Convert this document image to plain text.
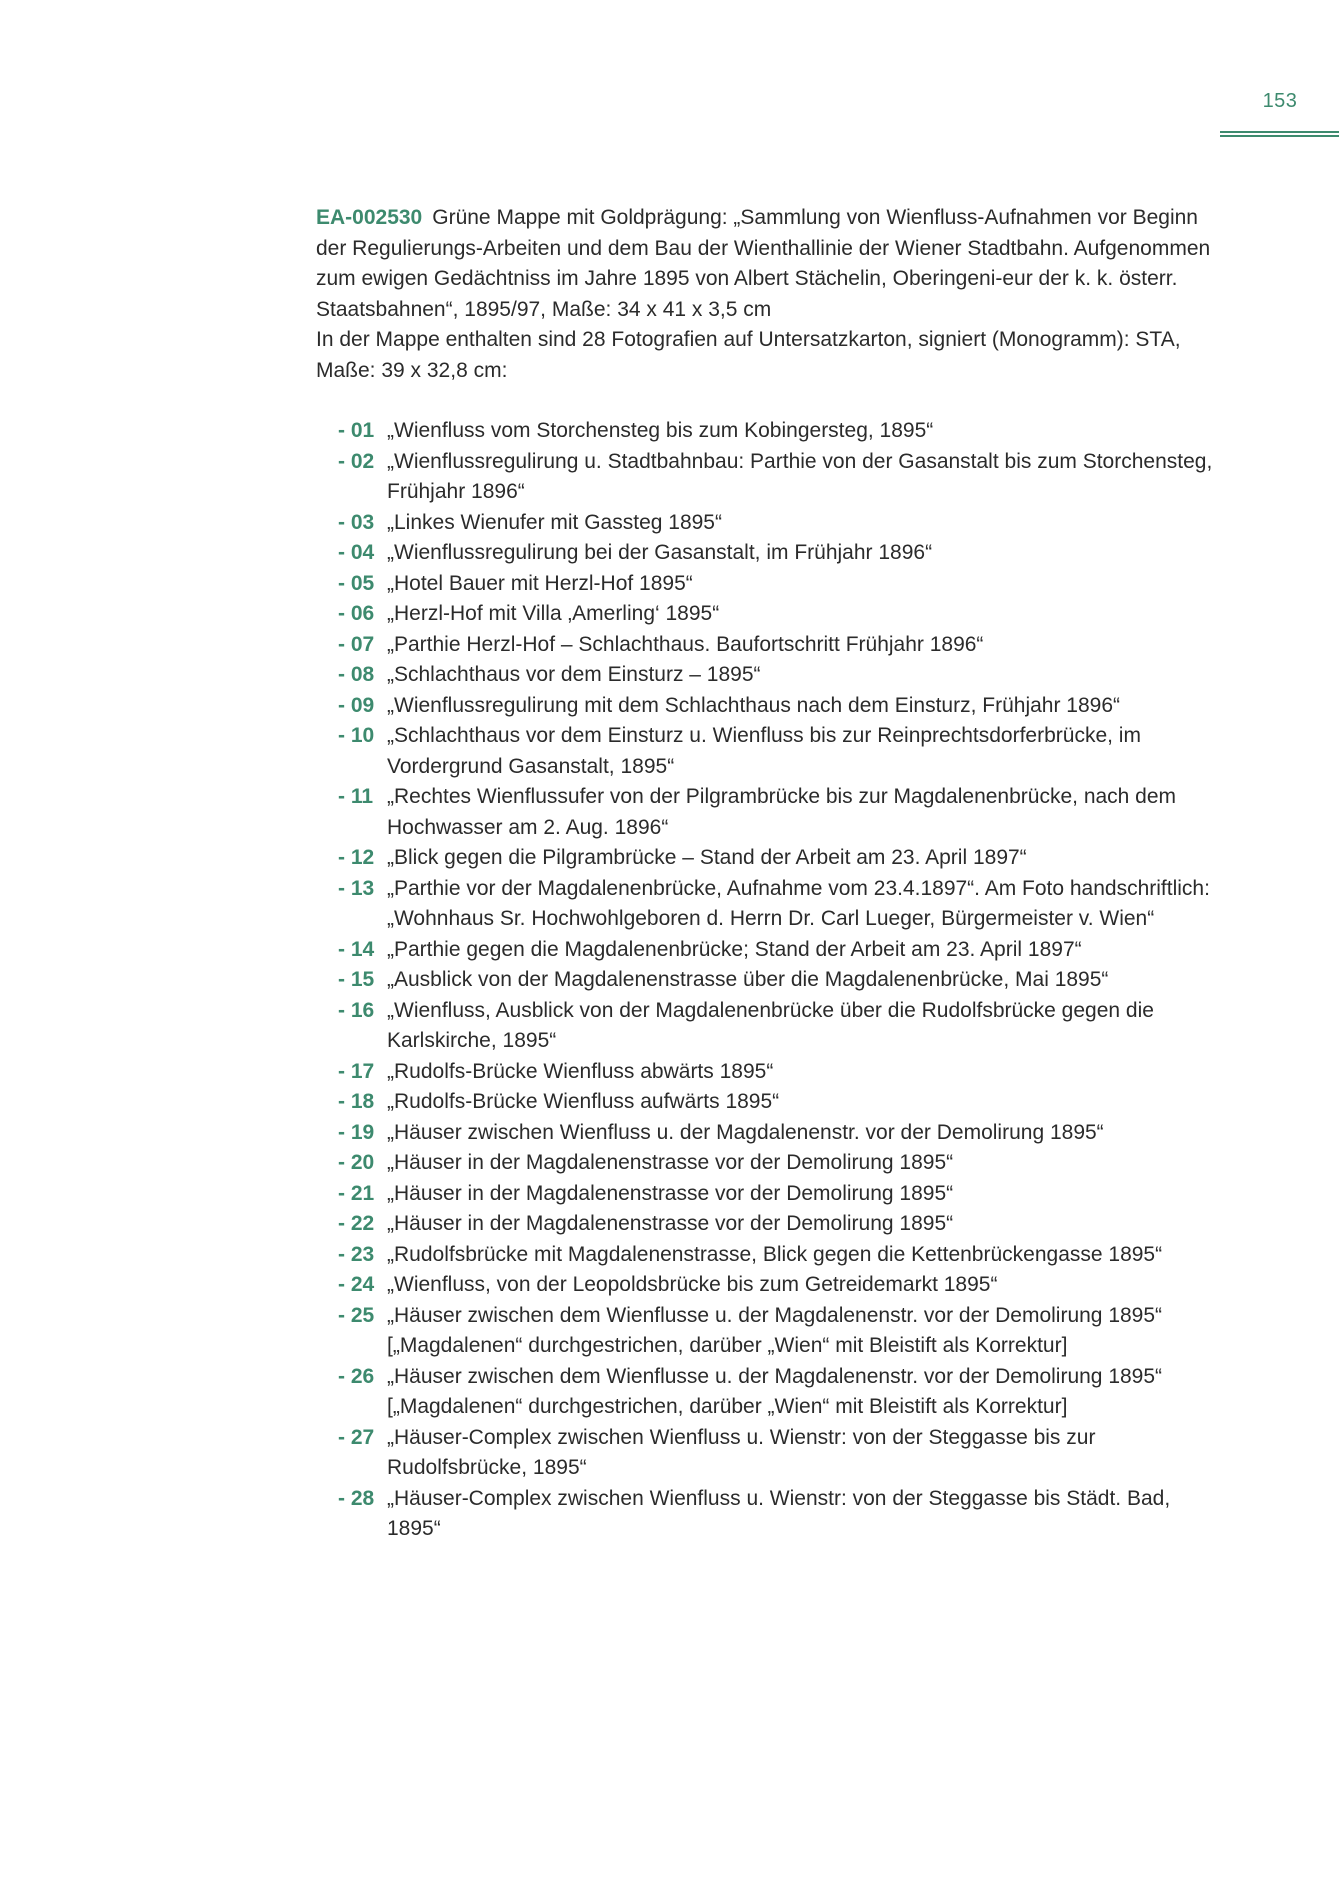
153

EA-002530 Grüne Mappe mit Goldprägung: „Sammlung von Wienfluss-Aufnahmen vor Beginn der Regulierungs-Arbeiten und dem Bau der Wienthallinie der Wiener Stadtbahn. Aufgenommen zum ewigen Gedächtniss im Jahre 1895 von Albert Stächelin, Oberingeni-eur der k. k. österr. Staatsbahnen“, 1895/97, Maße: 34 x 41 x 3,5 cm
In der Mappe enthalten sind 28 Fotografien auf Untersatzkarton, signiert (Monogramm): STA, Maße: 39 x 32,8 cm:

- 01 „Wienfluss vom Storchensteg bis zum Kobingersteg, 1895“
- 02 „Wienflussregulirung u. Stadtbahnbau: Parthie von der Gasanstalt bis zum Storchensteg, Frühjahr 1896“
- 03 „Linkes Wienufer mit Gassteg 1895“
- 04 „Wienflussregulirung bei der Gasanstalt, im Frühjahr 1896“
- 05 „Hotel Bauer mit Herzl-Hof 1895“
- 06 „Herzl-Hof mit Villa ‚Amerling‘ 1895“
- 07 „Parthie Herzl-Hof – Schlachthaus. Baufortschritt Frühjahr 1896“
- 08 „Schlachthaus vor dem Einsturz – 1895“
- 09 „Wienflussregulirung mit dem Schlachthaus nach dem Einsturz, Frühjahr 1896“
- 10 „Schlachthaus vor dem Einsturz u. Wienfluss bis zur Reinprechtsdorferbrücke, im Vordergrund Gasanstalt, 1895“
- 11 „Rechtes Wienflussufer von der Pilgrambrücke bis zur Magdalenenbrücke, nach dem Hochwasser am 2. Aug. 1896“
- 12 „Blick gegen die Pilgrambrücke – Stand der Arbeit am 23. April 1897“
- 13 „Parthie vor der Magdalenenbrücke, Aufnahme vom 23.4.1897“. Am Foto handschriftlich: „Wohnhaus Sr. Hochwohlgeboren d. Herrn Dr. Carl Lueger, Bürgermeister v. Wien“
- 14 „Parthie gegen die Magdalenenbrücke; Stand der Arbeit am 23. April 1897“
- 15 „Ausblick von der Magdalenenstrasse über die Magdalenenbrücke, Mai 1895“
- 16 „Wienfluss, Ausblick von der Magdalenenbrücke über die Rudolfsbrücke gegen die Karlskirche, 1895“
- 17 „Rudolfs-Brücke Wienfluss abwärts 1895“
- 18 „Rudolfs-Brücke Wienfluss aufwärts 1895“
- 19 „Häuser zwischen Wienfluss u. der Magdalenenstr. vor der Demolirung 1895“
- 20 „Häuser in der Magdalenenstrasse vor der Demolirung 1895“
- 21 „Häuser in der Magdalenenstrasse vor der Demolirung 1895“
- 22 „Häuser in der Magdalenenstrasse vor der Demolirung 1895“
- 23 „Rudolfsbrücke mit Magdalenenstrasse, Blick gegen die Kettenbrückengasse 1895“
- 24 „Wienfluss, von der Leopoldsbrücke bis zum Getreidemarkt 1895“
- 25 „Häuser zwischen dem Wienflusse u. der Magdalenenstr. vor der Demolirung 1895“ [„Magdalenen“ durchgestrichen, darüber „Wien“ mit Bleistift als Korrektur]
- 26 „Häuser zwischen dem Wienflusse u. der Magdalenenstr. vor der Demolirung 1895“ [„Magdalenen“ durchgestrichen, darüber „Wien“ mit Bleistift als Korrektur]
- 27 „Häuser-Complex zwischen Wienfluss u. Wienstr: von der Steggasse bis zur Rudolfsbrücke, 1895“
- 28 „Häuser-Complex zwischen Wienfluss u. Wienstr: von der Steggasse bis Städt. Bad, 1895“
